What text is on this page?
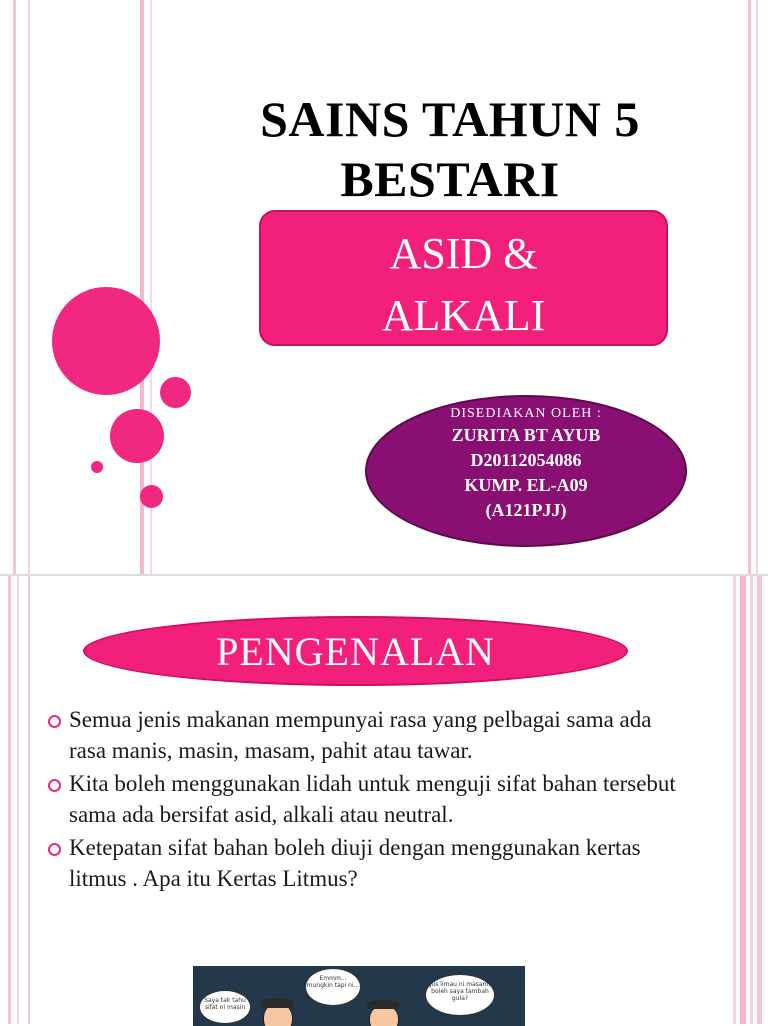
SAINS TAHUN 5
BESTARI
ASID &
ALKALI
DISEDIAKAN OLEH :
ZURITA BT AYUB
D20112054086
KUMP. EL-A09
(A121PJJ)
PENGENALAN
Semua jenis makanan mempunyai rasa yang pelbagai sama ada rasa manis, masin, masam, pahit atau tawar.
Kita boleh menggunakan lidah untuk menguji sifat bahan tersebut sama ada bersifat asid, alkali atau neutral.
Ketepatan sifat bahan boleh diuji dengan menggunakan kertas litmus . Apa itu Kertas Litmus?
Saya tak tahu sifat ni masin
Emmm... mungkin tapi ni...	Jus limau ni masam, boleh saya tambah gula?
